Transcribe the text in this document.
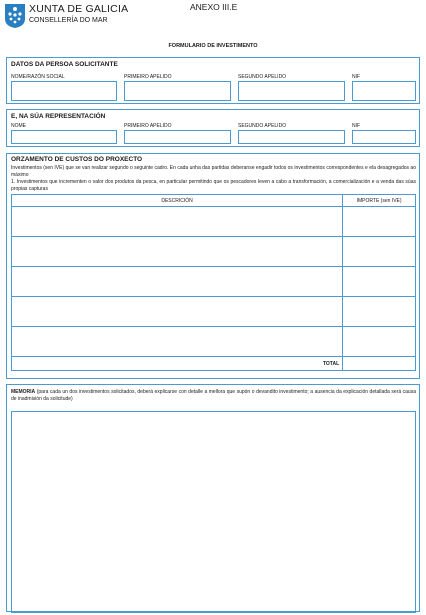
XUNTA DE GALICIA
CONSELLERÍA DO MAR
ANEXO III.E
FORMULARIO DE INVESTIMENTO
DATOS DA PERSOA SOLICITANTE
NOME/RAZÓN SOCIAL	PRIMEIRO APELIDO	SEGUNDO APELIDO	NIF
E, NA SÚA REPRESENTACIÓN
NOME	PRIMEIRO APELIDO	SEGUNDO APELIDO	NIF
ORZAMENTO DE CUSTOS DO PROXECTO
Investimentos (sen IVE) que se van realizar segundo o seguinte cadro. En cada unha das partidas deberanse engadir todos os investimentos correspondentes e ela desagregados ao máximo
1. Investimentos que incrementen o valor dos produtos da pesca, en particular permitindo que os pescadores leven a cabo a transformación, a comercialización e a venda das súas propias capturas
DESCRICIÓN	IMPORTE (sen IVE)

TOTAL	
MEMORIA (para cada un dos investimentos solicitados, deberá explicarse con detalle a mellora que supón o devandito investimento; a ausencia da explicación detallada será causa de inadmisión da solicitude)
